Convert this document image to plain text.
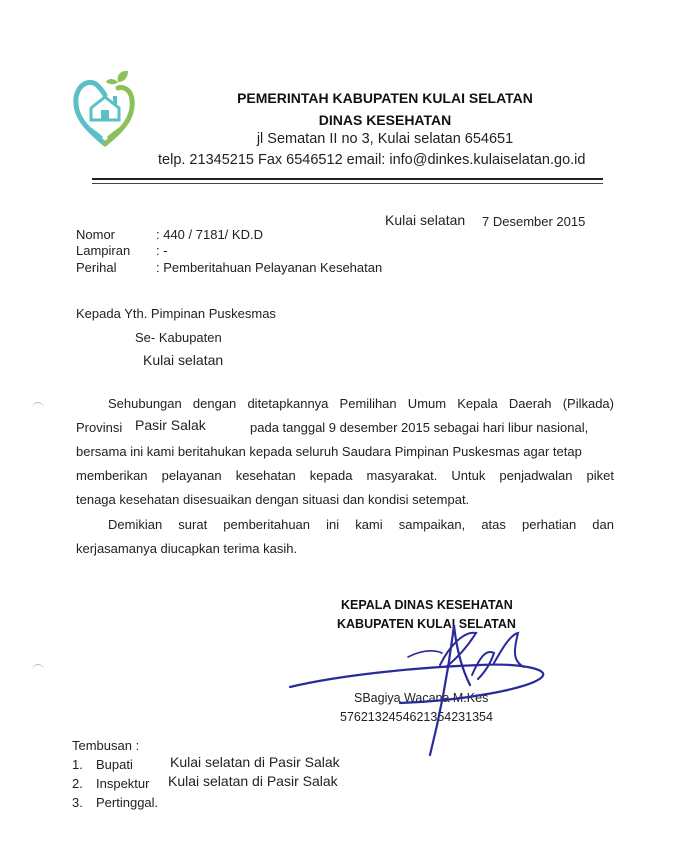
PEMERINTAH KABUPATEN KULAI SELATAN
DINAS KESEHATAN
jl Sematan II no 3, Kulai selatan 654651
telp. 21345215 Fax 6546512 email: info@dinkes.kulaiselatan.go.id
Kulai selatan 7 Desember 2015
Nomor	: 440 / 7181/ KD.D
Lampiran : -
Perihal	: Pemberitahuan Pelayanan Kesehatan
Kepada Yth. Pimpinan Puskesmas
Se- Kabupaten
Kulai selatan
Sehubungan dengan ditetapkannya Pemilihan Umum Kepala Daerah (Pilkada)
Provinsi Pasir Salak	pada tanggal 9 desember 2015 sebagai hari libur nasional,
bersama ini kami beritahukan kepada seluruh Saudara Pimpinan Puskesmas agar tetap
memberikan pelayanan kesehatan kepada masyarakat. Untuk penjadwalan piket
tenaga kesehatan disesuaikan dengan situasi dan kondisi setempat.
Demikian surat pemberitahuan ini kami sampaikan, atas perhatian dan
kerjasamanya diucapkan terima kasih.
KEPALA DINAS KESEHATAN
KABUPATEN KULAI SELATAN
SBagiya Wacana M.Kes
576213245462135423135​4
Tembusan :
1. Bupati	Kulai selatan di Pasir Salak
2. Inspektur Kulai selatan di Pasir Salak
3. Pertinggal.
